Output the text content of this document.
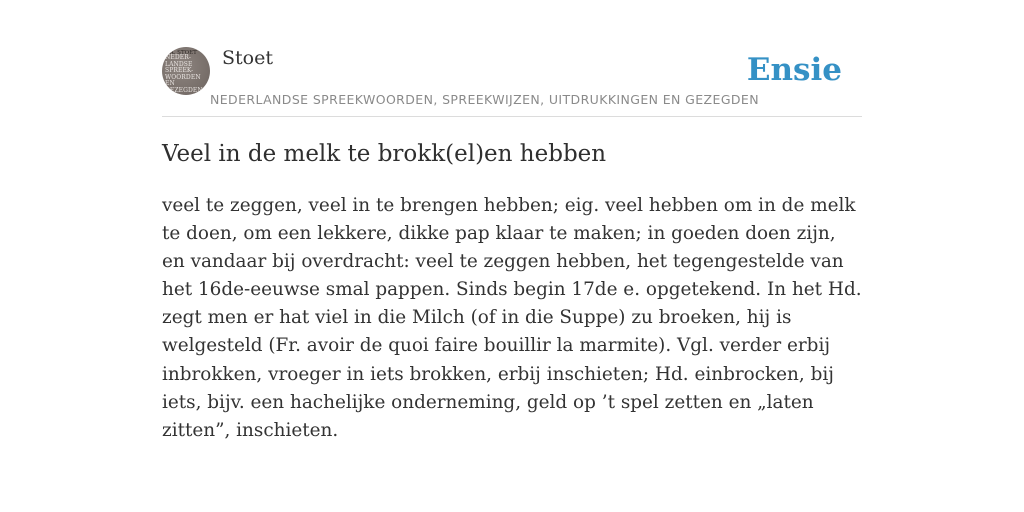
F.A. STOET
NEDER-
LANDSE
SPREEK-
WOORDEN EN
GEZEGDEN
Stoet
NEDERLANDSE SPREEKWOORDEN, SPREEKWIJZEN, UITDRUKKINGEN EN GEZEGDEN
Ensie
Veel in de melk te brokk(el)en hebben

veel te zeggen, veel in te brengen hebben; eig. veel hebben om in de melk te doen, om een lekkere, dikke pap klaar te maken; in goeden doen zijn, en vandaar bij overdracht: veel te zeggen hebben, het tegengestelde van het 16de-eeuwse smal pappen. Sinds begin 17de e. opgetekend. In het Hd. zegt men er hat viel in die Milch (of in die Suppe) zu broeken, hij is welgesteld (Fr. avoir de quoi faire bouillir la marmite). Vgl. verder erbij inbrokken, vroeger in iets brokken, erbij inschieten; Hd. einbrocken, bij iets, bijv. een hachelijke onderneming, geld op ’t spel zetten en „laten zitten”, inschieten.
